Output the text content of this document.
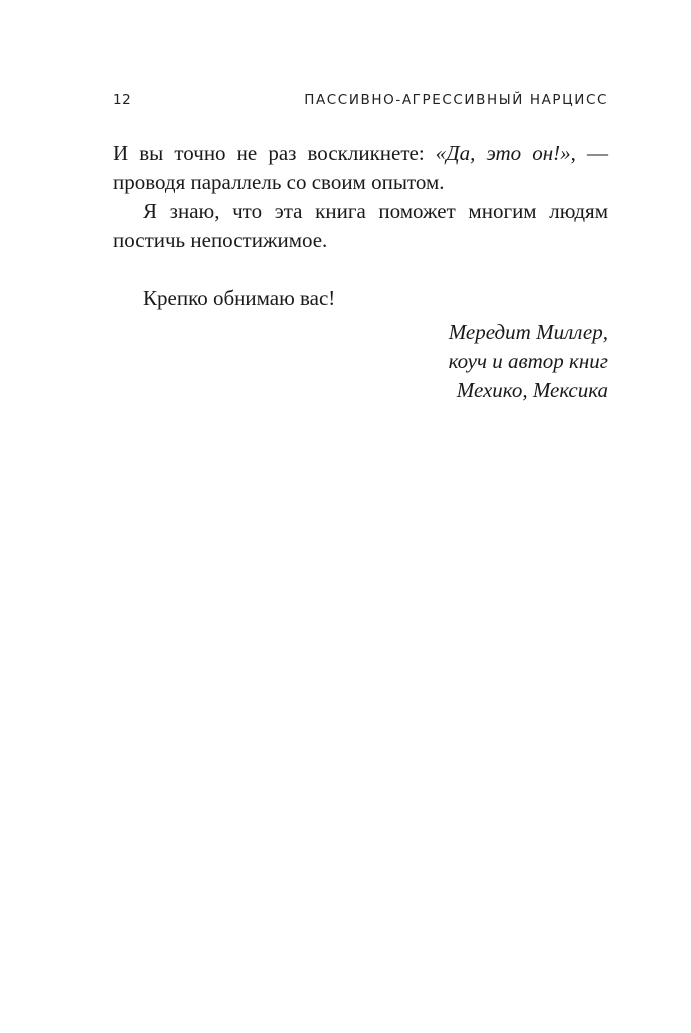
12	ПАССИВНО-АГРЕССИВНЫЙ НАРЦИСС

И вы точно не раз воскликнете: «Да, это он!», — проводя параллель со своим опытом.

Я знаю, что эта книга поможет многим людям постичь непостижимое.

Крепко обнимаю вас!

Мередит Миллер,
коуч и автор книг
Мехико, Мексика
